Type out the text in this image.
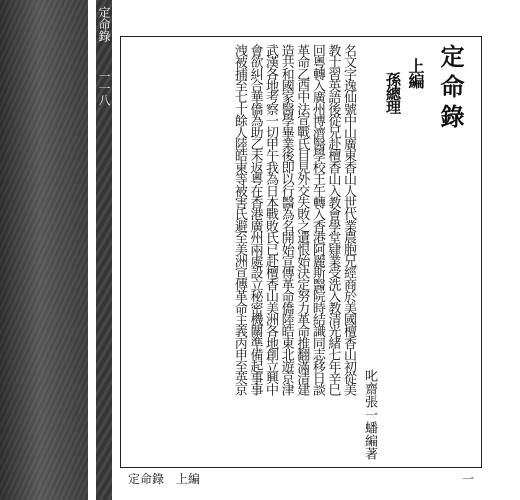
定命錄
一一八	定命錄
上編
孫總理
叱齋張一蟠編著
名文字逸仙號中山廣東香山人世代業農胞兄經商於美國檀香山初從美
教士習英語後從兄赴檀香山入教會學堂肄業受洗入教清光緒七年辛巳
回粵轉入廣州博濟醫學校王午轉入香港阿麗斯醫院時結識同志移日談
革命乙酉中法宣戰氏目見外交失敗之遺恨始決定努力革命推翻滿清建
造共和國家醫學畢業後即以行醫為名開始宣傳革命僑陸皓東北遊京津
武漢各地考察一切甲午我為日本戰敗氏已赴檀香山美洲各地創立興中
會欲糾合華僑為助乙未返粵在香港廣州兩處設立秘密機關準備起事事
洩被捕至七十餘人陸皓東等被害氏避至美洲宣傳革命主義丙申至英京
定命錄　上編	一
